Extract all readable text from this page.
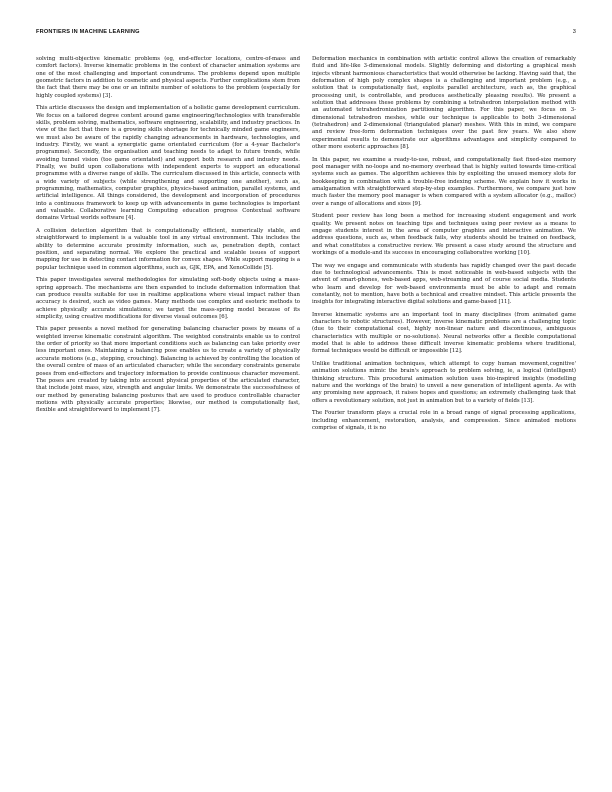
FRONTIERS IN MACHINE LEARNING	3

solving multi-objective kinematic problems (eg, end-effector locations, centre-of-mass and comfort factors). Inverse kinematic problems in the context of character animation systems are one of the most challenging and important conundrums. The problems depend upon multiple geometric factors in addition to cosmetic and physical aspects. Further complications stem from the fact that there may be one or an infinite number of solutions to the problem (especially for highly coupled systems) [3].

This article discusses the design and implementation of a holistic game development curriculum. We focus on a tailored degree content around game engineering/technologies with transferable skills, problem solving, mathematics, software engineering, scalability, and industry practices. In view of the fact that there is a growing skills shortage for technically minded game engineers, we must also be aware of the rapidly changing advancements in hardware, technologies, and industry. Firstly, we want a synergistic game orientated curriculum (for a 4-year Bachelor's programme). Secondly, the organisation and teaching needs to adapt to future trends, while avoiding tunnel vision (too game orientated) and support both research and industry needs. Finally, we build upon collaborations with independent experts to support an educational programme with a diverse range of skills. The curriculum discussed in this article, connects with a wide variety of subjects (while strengthening and supporting one another), such as, programming, mathematics, computer graphics, physics-based animation, parallel systems, and artificial intelligence. All things considered, the development and incorporation of procedures into a continuous framework to keep up with advancements in game technologies is important and valuable. Collaborative learning Computing education progress Contextual software domains Virtual worlds software [4].

A collision detection algorithm that is computationally efficient, numerically stable, and straightforward to implement is a valuable tool in any virtual environment. This includes the ability to determine accurate proximity information, such as, penetration depth, contact position, and separating normal. We explore the practical and scalable issues of support mapping for use in detecting contact information for convex shapes. While support mapping is a popular technique used in common algorithms, such as, GJK, EPA, and XenoCollide [5].

This paper investigates several methodologies for simulating soft-body objects using a mass- spring approach. The mechanisms are then expanded to include deformation information that can produce results suitable for use in realtime applications where visual impact rather than accuracy is desired, such as video games. Many methods use complex and esoteric methods to achieve physically accurate simulations; we target the mass-spring model because of its simplicity, using creative modifications for diverse visual outcomes [6].

This paper presents a novel method for generating balancing character poses by means of a weighted inverse kinematic constraint algorithm. The weighted constraints enable us to control the order of priority so that more important conditions such as balancing can take priority over less important ones. Maintaining a balancing pose enables us to create a variety of physically accurate motions (e.g., stepping, crouching). Balancing is achieved by controlling the location of the overall centre of mass of an articulated character; while the secondary constraints generate poses from end-effectors and trajectory information to provide continuous character movement. The poses are created by taking into account physical properties of the articulated character, that include joint mass, size, strength and angular limits. We demonstrate the successfulness of our method by generating balancing postures that are used to produce controllable character motions with physically accurate properties; likewise, our method is computationally fast, flexible and straightforward to implement [7].

Deformation mechanics in combination with artistic control allows the creation of remarkably fluid and life-like 3-dimensional models. Slightly deforming and distorting a graphical mesh injects vibrant harmonious characteristics that would otherwise be lacking. Having said that, the deformation of high poly complex shapes is a challenging and important problem (e.g., a solution that is computationally fast, exploits parallel architecture, such as, the graphical processing unit, is controllable, and produces aesthetically pleasing results). We present a solution that addresses these problems by combining a tetrahedron interpolation method with an automated tetrahedronization partitioning algorithm. For this paper, we focus on 3-dimensional tetrahedron meshes, while our technique is applicable to both 3-dimensional (tetrahedron) and 2-dimensional (triangulated planar) meshes. With this in mind, we compare and review free-form deformation techniques over the past few years. We also show experimental results to demonstrate our algorithms advantages and simplicity compared to other more esoteric approaches [8].

In this paper, we examine a ready-to-use, robust, and computationally fast fixed-size memory pool manager with no-loops and no-memory overhead that is highly suited towards time-critical systems such as games. The algorithm achieves this by exploiting the unused memory slots for bookkeeping in combination with a trouble-free indexing scheme. We explain how it works in amalgamation with straightforward step-by-step examples. Furthermore, we compare just how much faster the memory pool manager is when compared with a system allocator (e.g., malloc) over a range of allocations and sizes [9].

Student peer review has long been a method for increasing student engagement and work quality. We present notes on teaching tips and techniques using peer review as a means to engage students interest in the area of computer graphics and interactive animation. We address questions, such as, when feedback fails, why students should be trained on feedback, and what constitutes a constructive review. We present a case study around the structure and workings of a module-and its success in encouraging collaborative working [10].

The way we engage and communicate with students has rapidly changed over the past decade due to technological advancements. This is most noticeable in web-based subjects with the advent of smart-phones, web-based apps, web-streaming and of course social media. Students who learn and develop for web-based environments must be able to adapt and remain constantly, not to mention, have both a technical and creative mindset. This article presents the insights for integrating interactive digital solutions and game-based [11].

Inverse kinematic systems are an important tool in many disciplines (from animated game characters to robotic structures). However, inverse kinematic problems are a challenging topic (due to their computational cost, highly non-linear nature and discontinuous, ambiguous characteristics with multiple or no-solutions). Neural networks offer a flexible computational model that is able to address these difficult inverse kinematic problems where traditional, formal techniques would be difficult or impossible [12].

Unlike traditional animation techniques, which attempt to copy human movement,cognitive' animation solutions mimic the brain's approach to problem solving, ie, a logical (intelligent) thinking structure. This procedural animation solution uses bio-inspired insights (modelling nature and the workings of the brain) to unveil a new generation of intelligent agents. As with any promising new approach, it raises hopes and questions; an extremely challenging task that offers a revolutionary solution, not just in animation but to a variety of fields [13].

The Fourier transform plays a crucial role in a broad range of signal processing applications, including enhancement, restoration, analysis, and compression. Since animated motions comprise of signals, it is no
